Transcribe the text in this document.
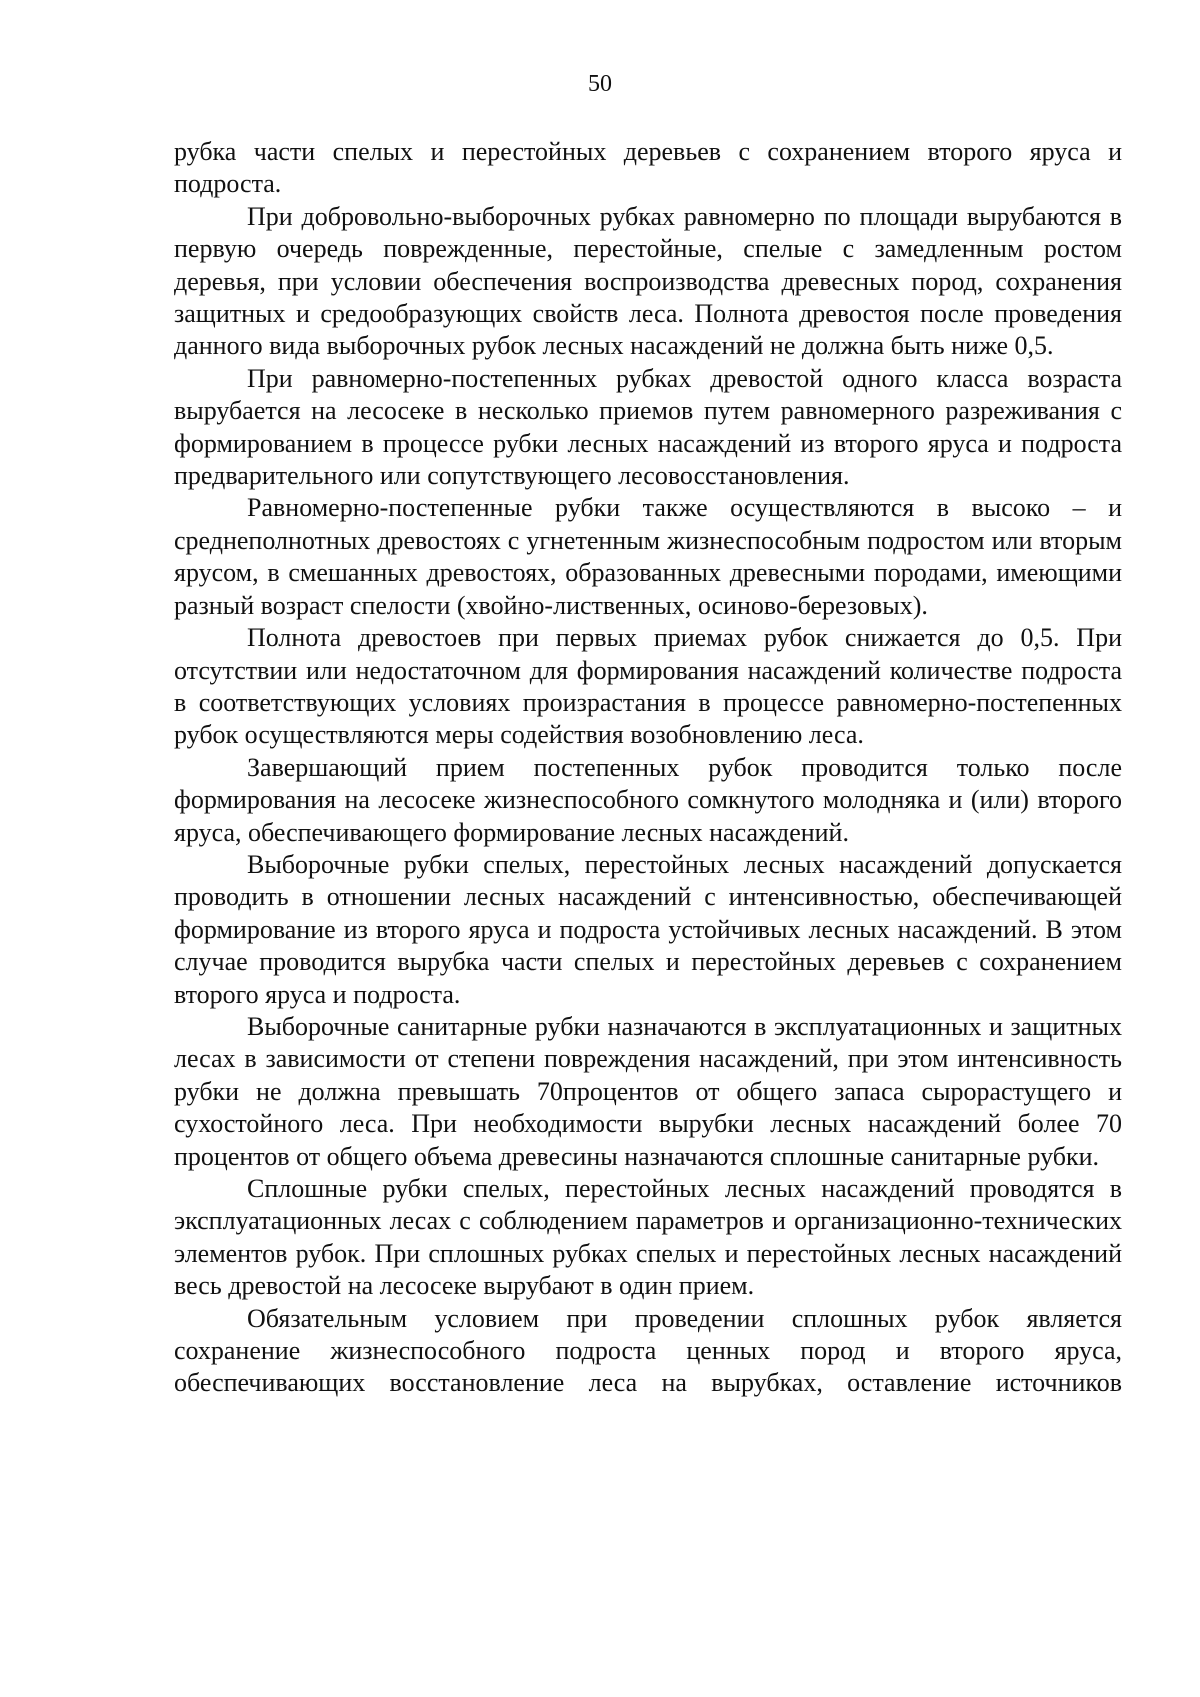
50

рубка части спелых и перестойных деревьев с сохранением второго яруса и подроста.

При добровольно-выборочных рубках равномерно по площади вырубаются в первую очередь поврежденные, перестойные, спелые с замедленным ростом деревья, при условии обеспечения воспроизводства древесных пород, сохранения защитных и средообразующих свойств леса. Полнота древостоя после проведения данного вида выборочных рубок лесных насаждений не должна быть ниже 0,5.

При равномерно-постепенных рубках древостой одного класса возраста вырубается на лесосеке в несколько приемов путем равномерного разреживания с формированием в процессе рубки лесных насаждений из второго яруса и подроста предварительного или сопутствующего лесовосстановления.

Равномерно-постепенные рубки также осуществляются в высоко – и среднеполнотных древостоях с угнетенным жизнеспособным подростом или вторым ярусом, в смешанных древостоях, образованных древесными породами, имеющими разный возраст спелости (хвойно-лиственных, осиново-березовых).

Полнота древостоев при первых приемах рубок снижается до 0,5. При отсутствии или недостаточном для формирования насаждений количестве подроста в соответствующих условиях произрастания в процессе равномерно-постепенных рубок осуществляются меры содействия возобновлению леса.

Завершающий прием постепенных рубок проводится только после формирования на лесосеке жизнеспособного сомкнутого молодняка и (или) второго яруса, обеспечивающего формирование лесных насаждений.

Выборочные рубки спелых, перестойных лесных насаждений допускается проводить в отношении лесных насаждений с интенсивностью, обеспечивающей формирование из второго яруса и подроста устойчивых лесных насаждений. В этом случае проводится вырубка части спелых и перестойных деревьев с сохранением второго яруса и подроста.

Выборочные санитарные рубки назначаются в эксплуатационных и защитных лесах в зависимости от степени повреждения насаждений, при этом интенсивность рубки не должна превышать 70процентов от общего запаса сырорастущего и сухостойного леса. При необходимости вырубки лесных насаждений более 70 процентов от общего объема древесины назначаются сплошные санитарные рубки.

Сплошные рубки спелых, перестойных лесных насаждений проводятся в эксплуатационных лесах с соблюдением параметров и организационно-технических элементов рубок. При сплошных рубках спелых и перестойных лесных насаждений весь древостой на лесосеке вырубают в один прием.

Обязательным условием при проведении сплошных рубок является сохранение жизнеспособного подроста ценных пород и второго яруса, обеспечивающих восстановление леса на вырубках, оставление источников
